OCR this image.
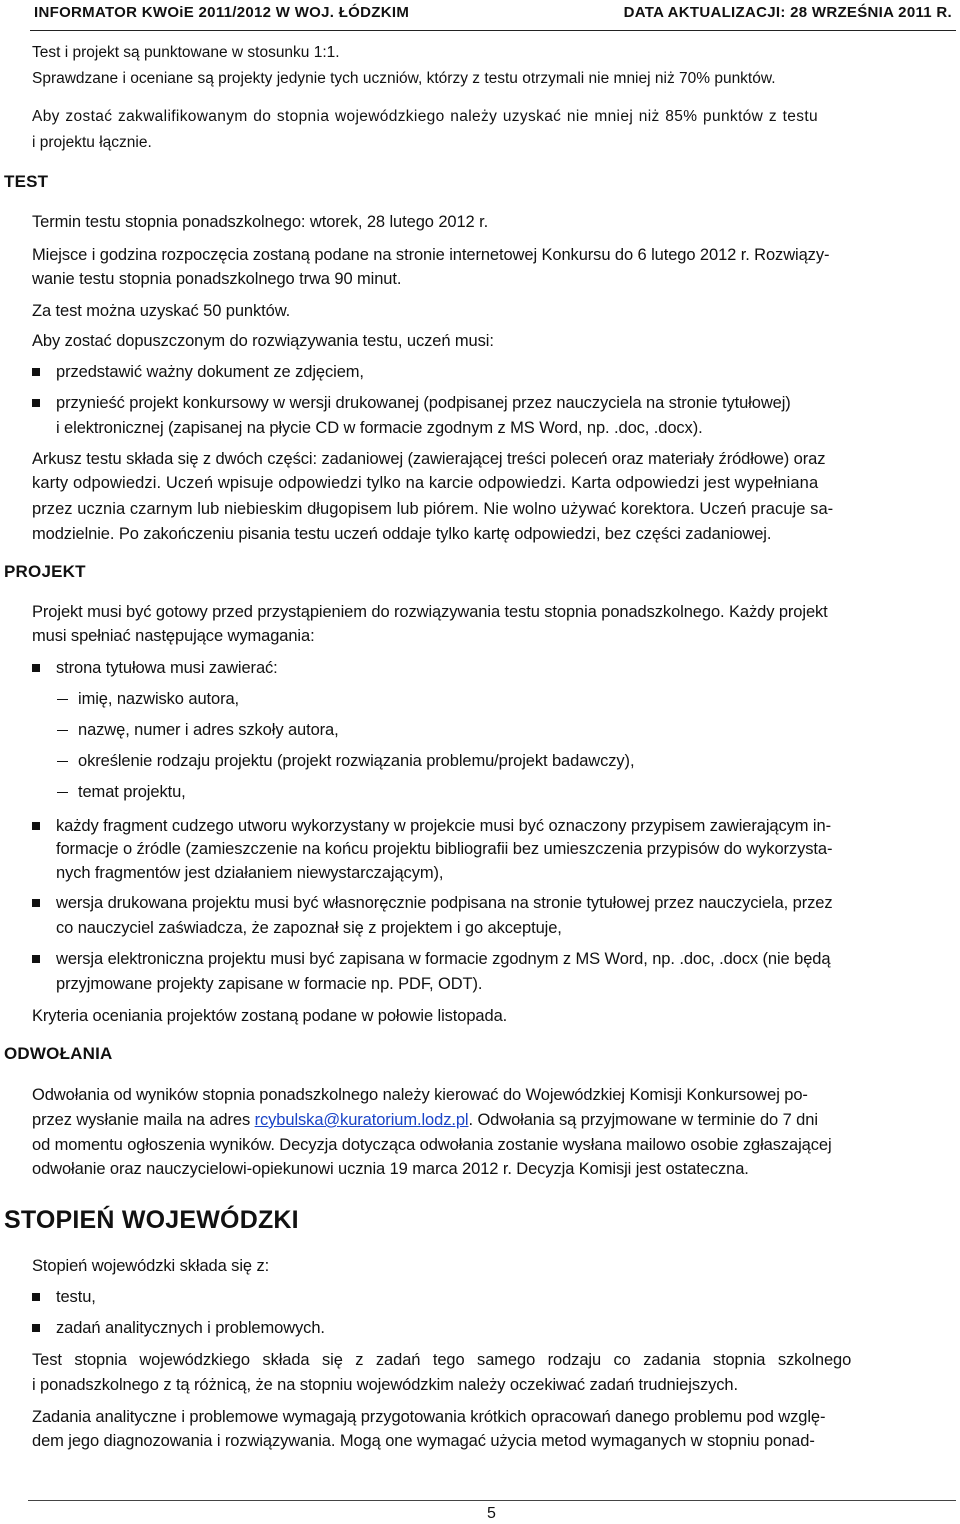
INFORMATOR KWOiE 2011/2012 W WOJ. ŁÓDZKIM	DATA AKTUALIZACJI: 28 WRZEŚNIA 2011 R.
Test i projekt są punktowane w stosunku 1:1.
Sprawdzane i oceniane są projekty jedynie tych uczniów, którzy z testu otrzymali nie mniej niż 70% punktów.
Aby zostać zakwalifikowanym do stopnia wojewódzkiego należy uzyskać nie mniej niż 85% punktów z testu
i projektu łącznie.
TEST
Termin testu stopnia ponadszkolnego: wtorek, 28 lutego 2012 r.
Miejsce i godzina rozpoczęcia zostaną podane na stronie internetowej Konkursu do 6 lutego 2012 r. Rozwiązy-
wanie testu stopnia ponadszkolnego trwa 90 minut.
Za test można uzyskać 50 punktów.
Aby zostać dopuszczonym do rozwiązywania testu, uczeń musi:
przedstawić ważny dokument ze zdjęciem,
przynieść projekt konkursowy w wersji drukowanej (podpisanej przez nauczyciela na stronie tytułowej)
i elektronicznej (zapisanej na płycie CD w formacie zgodnym z MS Word, np. .doc, .docx).
Arkusz testu składa się z dwóch części: zadaniowej (zawierającej treści poleceń oraz materiały źródłowe) oraz
karty odpowiedzi. Uczeń wpisuje odpowiedzi tylko na karcie odpowiedzi. Karta odpowiedzi jest wypełniana
przez ucznia czarnym lub niebieskim długopisem lub piórem. Nie wolno używać korektora. Uczeń pracuje sa-
modzielnie. Po zakończeniu pisania testu uczeń oddaje tylko kartę odpowiedzi, bez części zadaniowej.
PROJEKT
Projekt musi być gotowy przed przystąpieniem do rozwiązywania testu stopnia ponadszkolnego. Każdy projekt
musi spełniać następujące wymagania:
strona tytułowa musi zawierać:
imię, nazwisko autora,
nazwę, numer i adres szkoły autora,
określenie rodzaju projektu (projekt rozwiązania problemu/projekt badawczy),
temat projektu,
każdy fragment cudzego utworu wykorzystany w projekcie musi być oznaczony przypisem zawierającym in-
formacje o źródle (zamieszczenie na końcu projektu bibliografii bez umieszczenia przypisów do wykorzysta-
nych fragmentów jest działaniem niewystarczającym),
wersja drukowana projektu musi być własnoręcznie podpisana na stronie tytułowej przez nauczyciela, przez
co nauczyciel zaświadcza, że zapoznał się z projektem i go akceptuje,
wersja elektroniczna projektu musi być zapisana w formacie zgodnym z MS Word, np. .doc, .docx (nie będą
przyjmowane projekty zapisane w formacie np. PDF, ODT).
Kryteria oceniania projektów zostaną podane w połowie listopada.
ODWOŁANIA
Odwołania od wyników stopnia ponadszkolnego należy kierować do Wojewódzkiej Komisji Konkursowej po-
przez wysłanie maila na adres rcybulska@kuratorium.lodz.pl. Odwołania są przyjmowane w terminie do 7 dni
od momentu ogłoszenia wyników. Decyzja dotycząca odwołania zostanie wysłana mailowo osobie zgłaszającej
odwołanie oraz nauczycielowi-opiekunowi ucznia 19 marca 2012 r. Decyzja Komisji jest ostateczna.
STOPIEŃ WOJEWÓDZKI
Stopień wojewódzki składa się z:
testu,
zadań analitycznych i problemowych.
Test stopnia wojewódzkiego składa się z zadań tego samego rodzaju co zadania stopnia szkolnego
i ponadszkolnego z tą różnicą, że na stopniu wojewódzkim należy oczekiwać zadań trudniejszych.
Zadania analityczne i problemowe wymagają przygotowania krótkich opracowań danego problemu pod wzglę-
dem jego diagnozowania i rozwiązywania. Mogą one wymagać użycia metod wymaganych w stopniu ponad-
5
